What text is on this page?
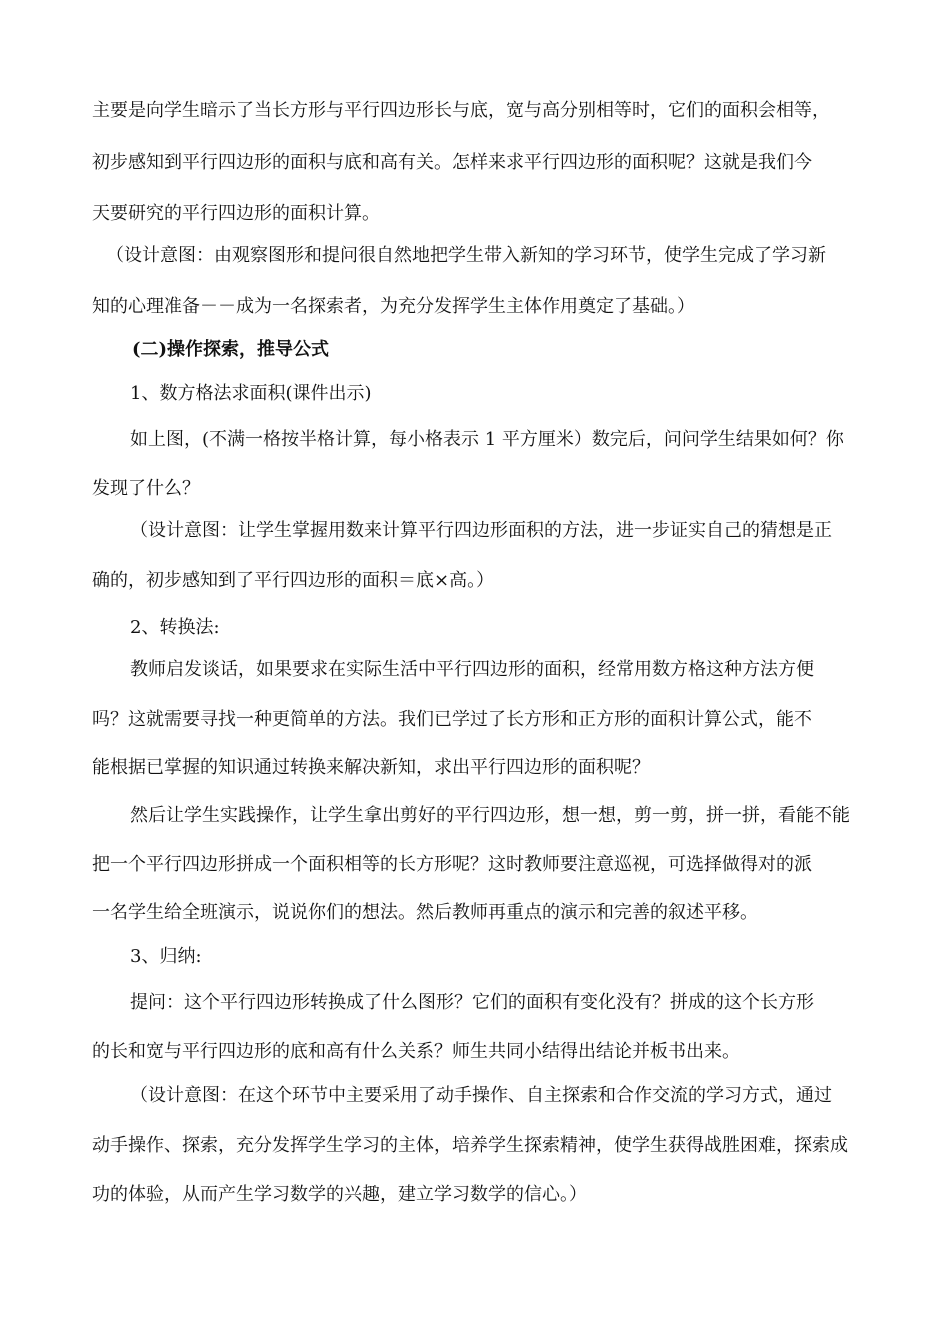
主要是向学生暗示了当长方形与平行四边形长与底，宽与高分别相等时，它们的面积会相等，
初步感知到平行四边形的面积与底和高有关。怎样来求平行四边形的面积呢？这就是我们今
天要研究的平行四边形的面积计算。
（设计意图：由观察图形和提问很自然地把学生带入新知的学习环节，使学生完成了学习新
知的心理准备－－成为一名探索者，为充分发挥学生主体作用奠定了基础。）
(二)操作探索，推导公式
1、数方格法求面积(课件出示)
如上图，(不满一格按半格计算，每小格表示 1 平方厘米）数完后，问问学生结果如何？你
发现了什么？
（设计意图：让学生掌握用数来计算平行四边形面积的方法，进一步证实自己的猜想是正
确的，初步感知到了平行四边形的面积＝底×高。）
2、转换法:
教师启发谈话，如果要求在实际生活中平行四边形的面积，经常用数方格这种方法方便
吗？这就需要寻找一种更简单的方法。我们已学过了长方形和正方形的面积计算公式，能不
能根据已掌握的知识通过转换来解决新知，求出平行四边形的面积呢？
然后让学生实践操作，让学生拿出剪好的平行四边形，想一想，剪一剪，拼一拼，看能不能
把一个平行四边形拼成一个面积相等的长方形呢？这时教师要注意巡视，可选择做得对的派
一名学生给全班演示，说说你们的想法。然后教师再重点的演示和完善的叙述平移。
3、归纳:
提问：这个平行四边形转换成了什么图形？它们的面积有变化没有？拼成的这个长方形
的长和宽与平行四边形的底和高有什么关系？师生共同小结得出结论并板书出来。
（设计意图：在这个环节中主要采用了动手操作、自主探索和合作交流的学习方式，通过
动手操作、探索，充分发挥学生学习的主体，培养学生探索精神，使学生获得战胜困难，探索成
功的体验，从而产生学习数学的兴趣，建立学习数学的信心。）
